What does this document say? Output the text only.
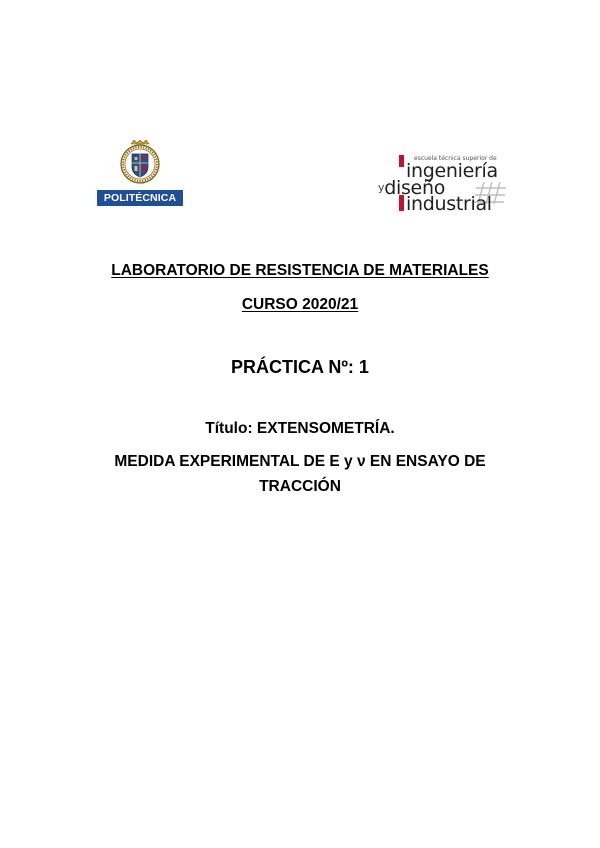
POLITÉCNICA
escuela técnica superior de
ingeniería
ydiseño
industrial
LABORATORIO DE RESISTENCIA DE MATERIALES
CURSO 2020/21
PRÁCTICA Nº: 1
Título: EXTENSOMETRÍA.
MEDIDA EXPERIMENTAL DE E y ν EN ENSAYO DE
TRACCIÓN
